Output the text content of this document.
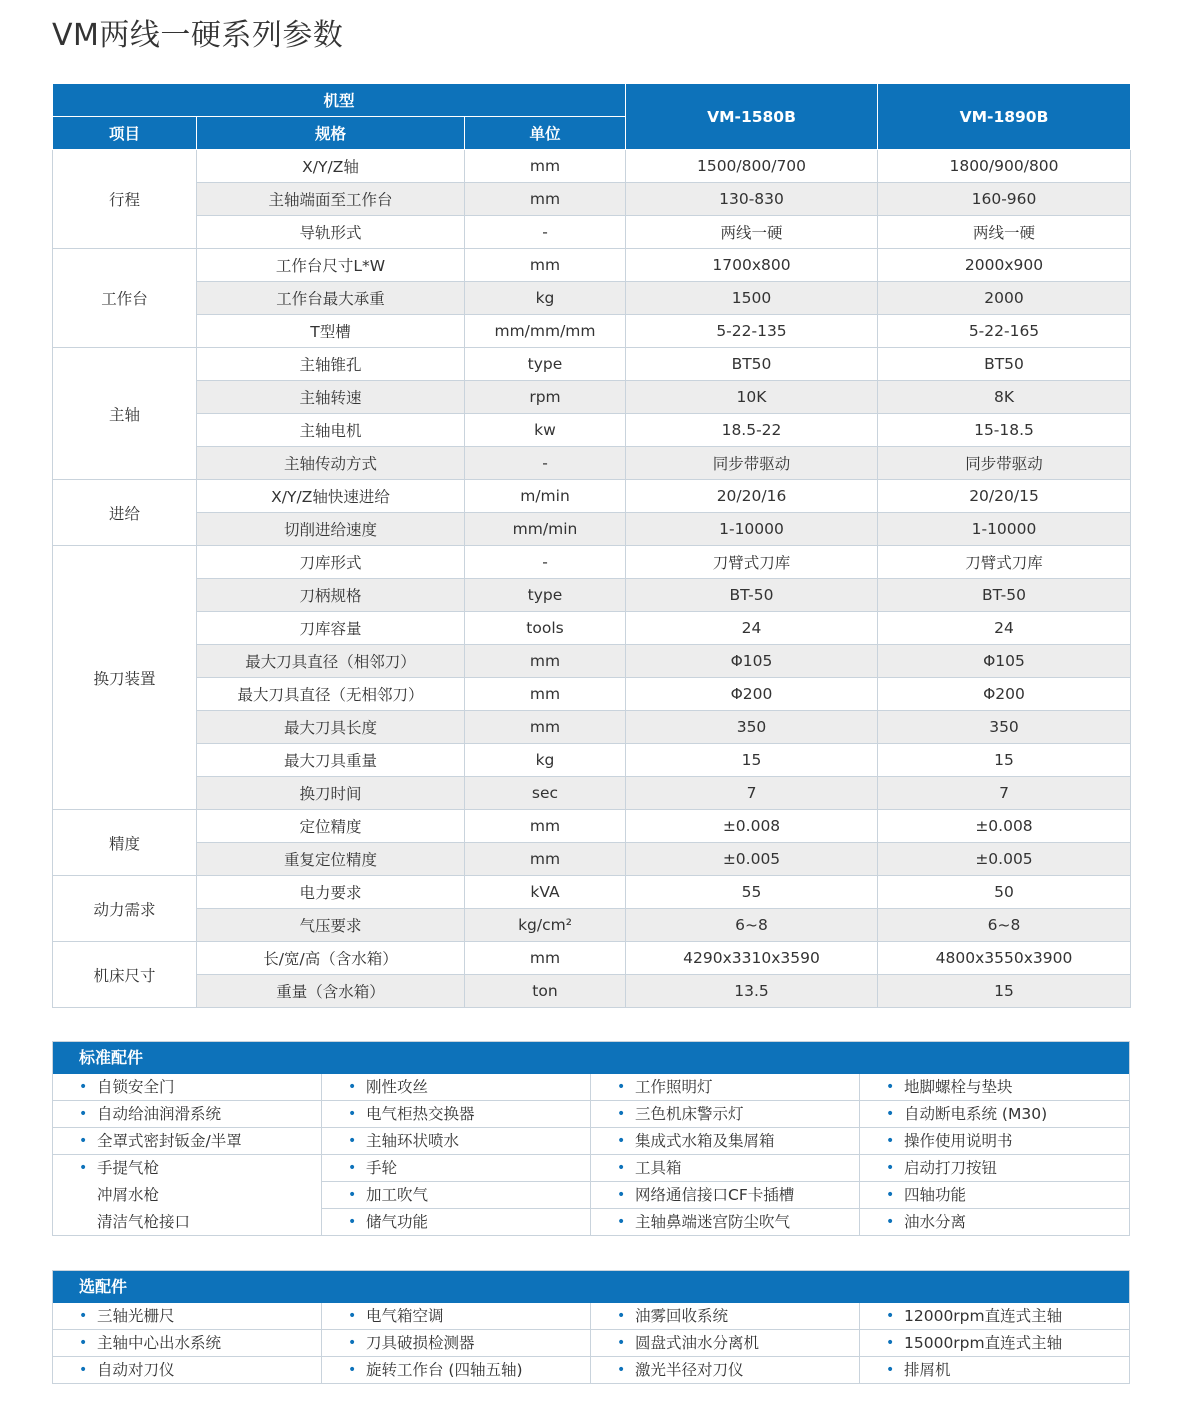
VM两线一硬系列参数
机型			VM-1580B	VM-1890B
项目	规格	单位		
行程	X/Y/Z轴	mm	1500/800/700	1800/900/800
	主轴端面至工作台	mm	130-830	160-960
	导轨形式	-	两线一硬	两线一硬
工作台	工作台尺寸L*W	mm	1700x800	2000x900
	工作台最大承重	kg	1500	2000
	T型槽	mm/mm/mm	5-22-135	5-22-165
主轴	主轴锥孔	type	BT50	BT50
	主轴转速	rpm	10K	8K
	主轴电机	kw	18.5-22	15-18.5
	主轴传动方式	-	同步带驱动	同步带驱动
进给	X/Y/Z轴快速进给	m/min	20/20/16	20/20/15
	切削进给速度	mm/min	1-10000	1-10000
换刀装置	刀库形式	-	刀臂式刀库	刀臂式刀库
	刀柄规格	type	BT-50	BT-50
	刀库容量	tools	24	24
	最大刀具直径（相邻刀）	mm	Φ105	Φ105
	最大刀具直径（无相邻刀）	mm	Φ200	Φ200
	最大刀具长度	mm	350	350
	最大刀具重量	kg	15	15
	换刀时间	sec	7	7
精度	定位精度	mm	±0.008	±0.008
	重复定位精度	mm	±0.005	±0.005
动力需求	电力要求	kVA	55	50
	气压要求	kg/cm²	6~8	6~8
机床尺寸	长/宽/高（含水箱）	mm	4290x3310x3590	4800x3550x3900
	重量（含水箱）	ton	13.5	15
标准配件
• 自锁安全门
• 自动给油润滑系统
• 全罩式密封钣金/半罩
• 手提气枪
冲屑水枪
清洁气枪接口
• 刚性攻丝
• 电气柜热交换器
• 主轴环状喷水
• 手轮
• 加工吹气
• 储气功能
• 工作照明灯
• 三色机床警示灯
• 集成式水箱及集屑箱
• 工具箱
• 网络通信接口CF卡插槽
• 主轴鼻端迷宫防尘吹气
• 地脚螺栓与垫块
• 自动断电系统 (M30)
• 操作使用说明书
• 启动打刀按钮
• 四轴功能
• 油水分离
选配件
• 三轴光栅尺
• 主轴中心出水系统
• 自动对刀仪
• 电气箱空调
• 刀具破损检测器
• 旋转工作台 (四轴五轴)
• 油雾回收系统
• 圆盘式油水分离机
• 激光半径对刀仪
• 12000rpm直连式主轴
• 15000rpm直连式主轴
• 排屑机
